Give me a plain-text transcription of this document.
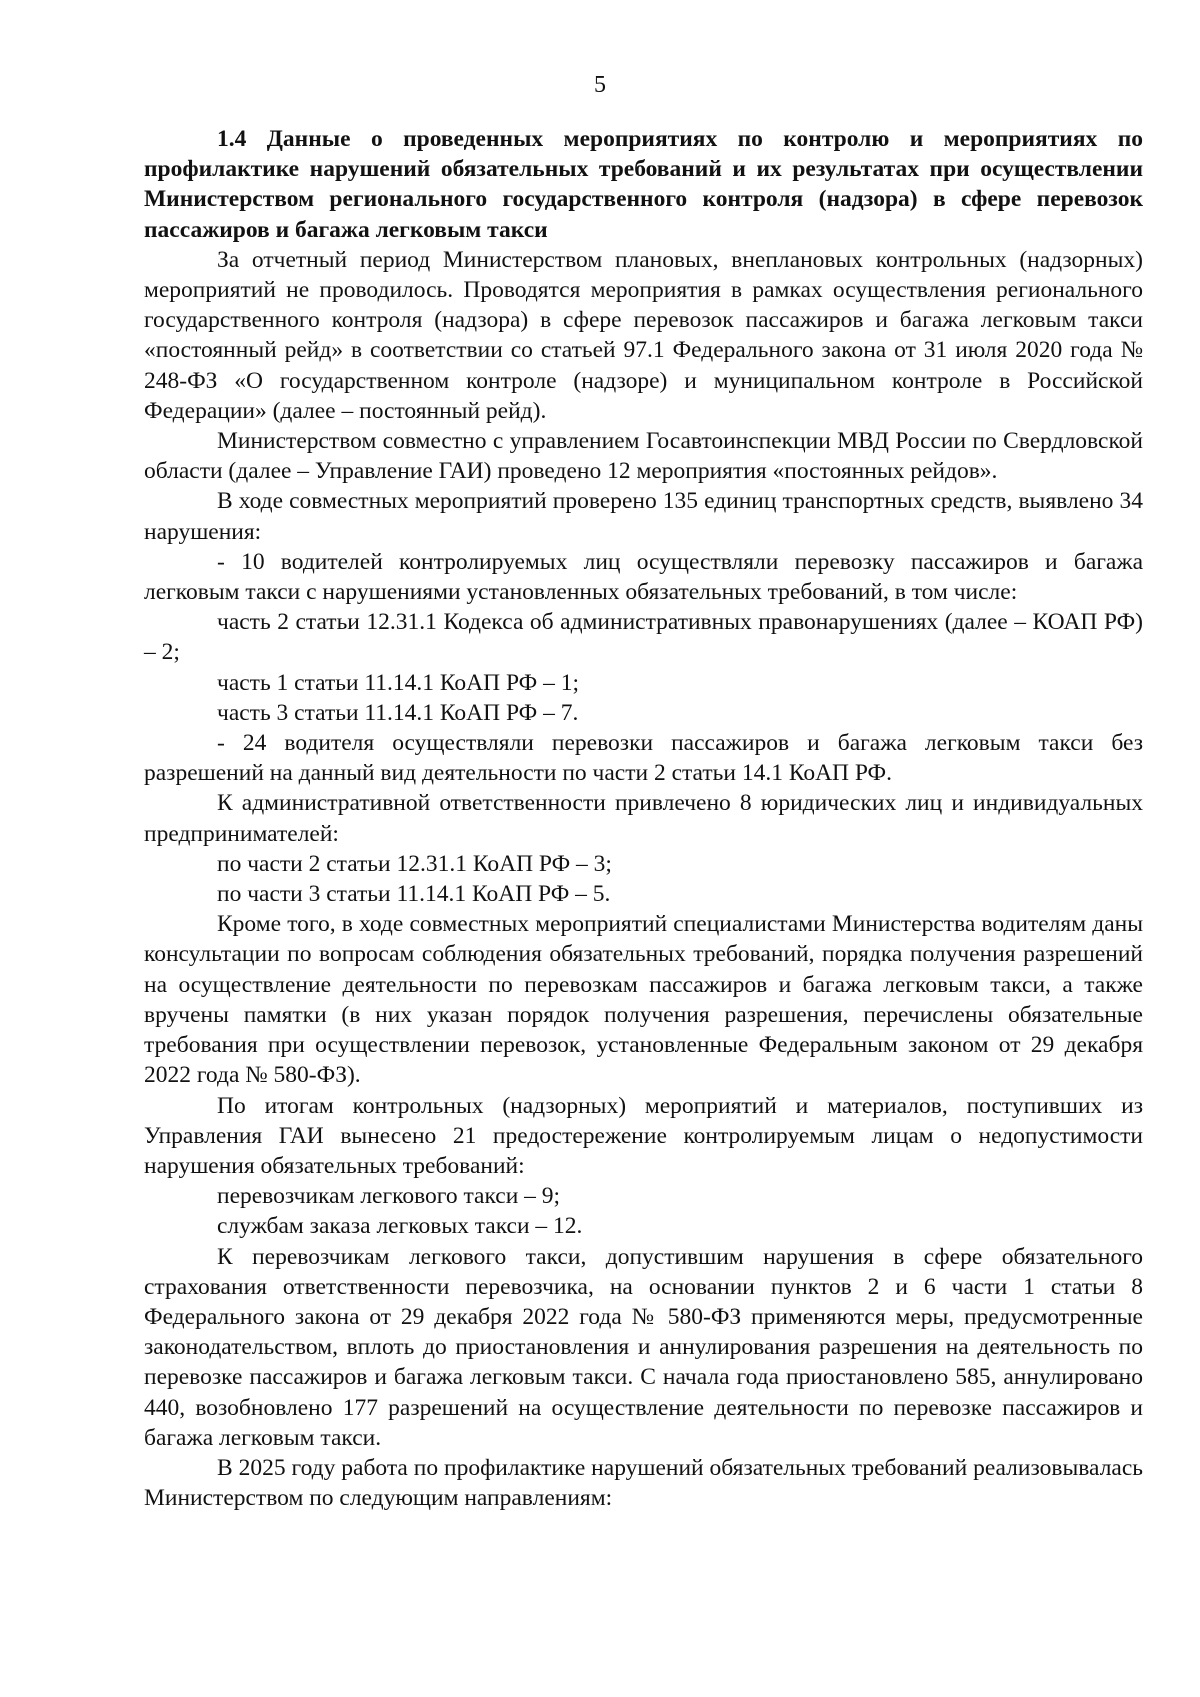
5

1.4 Данные о проведенных мероприятиях по контролю и мероприятиях по профилактике нарушений обязательных требований и их результатах при осуществлении Министерством регионального государственного контроля (надзора) в сфере перевозок пассажиров и багажа легковым такси

За отчетный период Министерством плановых, внеплановых контрольных (надзорных) мероприятий не проводилось. Проводятся мероприятия в рамках осуществления регионального государственного контроля (надзора) в сфере перевозок пассажиров и багажа легковым такси «постоянный рейд» в соответствии со статьей 97.1 Федерального закона от 31 июля 2020 года № 248-ФЗ «О государственном контроле (надзоре) и муниципальном контроле в Российской Федерации» (далее – постоянный рейд).

Министерством совместно с управлением Госавтоинспекции МВД России по Свердловской области (далее – Управление ГАИ) проведено 12 мероприятия «постоянных рейдов».

В ходе совместных мероприятий проверено 135 единиц транспортных средств, выявлено 34 нарушения:

- 10 водителей контролируемых лиц осуществляли перевозку пассажиров и багажа легковым такси с нарушениями установленных обязательных требований, в том числе:

часть 2 статьи 12.31.1 Кодекса об административных правонарушениях (далее – КОАП РФ) – 2;

часть 1 статьи 11.14.1 КоАП РФ – 1;

часть 3 статьи 11.14.1 КоАП РФ – 7.

- 24 водителя осуществляли перевозки пассажиров и багажа легковым такси без разрешений на данный вид деятельности по части 2 статьи 14.1 КоАП РФ.

К административной ответственности привлечено 8 юридических лиц и индивидуальных предпринимателей:

по части 2 статьи 12.31.1 КоАП РФ – 3;

по части 3 статьи 11.14.1 КоАП РФ – 5.

Кроме того, в ходе совместных мероприятий специалистами Министерства водителям даны консультации по вопросам соблюдения обязательных требований, порядка получения разрешений на осуществление деятельности по перевозкам пассажиров и багажа легковым такси, а также вручены памятки (в них указан порядок получения разрешения, перечислены обязательные требования при осуществлении перевозок, установленные Федеральным законом от 29 декабря 2022 года № 580-ФЗ).

По итогам контрольных (надзорных) мероприятий и материалов, поступивших из Управления ГАИ вынесено 21 предостережение контролируемым лицам о недопустимости нарушения обязательных требований:

перевозчикам легкового такси – 9;

службам заказа легковых такси – 12.

К перевозчикам легкового такси, допустившим нарушения в сфере обязательного страхования ответственности перевозчика, на основании пунктов 2 и 6 части 1 статьи 8 Федерального закона от 29 декабря 2022 года № 580-ФЗ применяются меры, предусмотренные законодательством, вплоть до приостановления и аннулирования разрешения на деятельность по перевозке пассажиров и багажа легковым такси. С начала года приостановлено 585, аннулировано 440, возобновлено 177 разрешений на осуществление деятельности по перевозке пассажиров и багажа легковым такси.

В 2025 году работа по профилактике нарушений обязательных требований реализовывалась Министерством по следующим направлениям:
